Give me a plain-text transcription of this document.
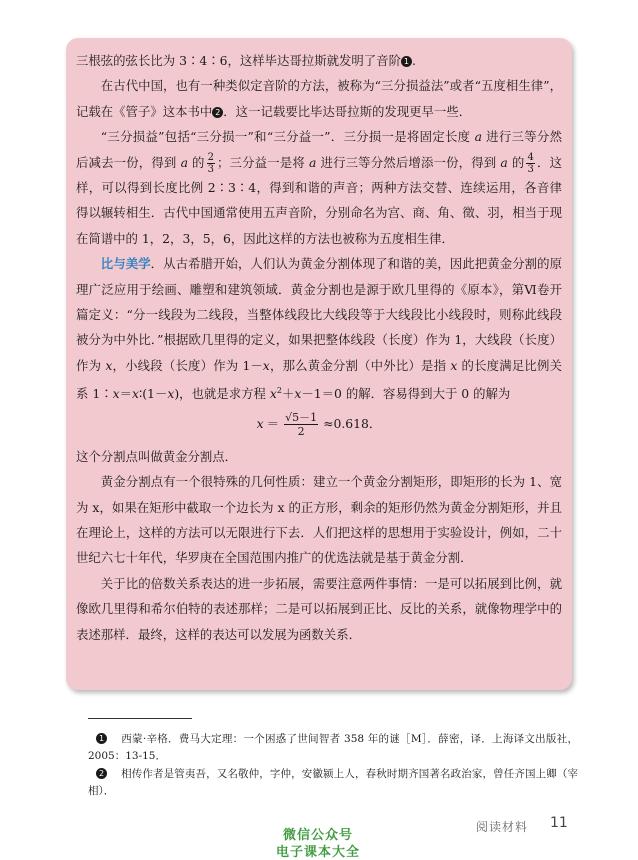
三根弦的弦长比为 3∶4∶6，这样毕达哥拉斯就发明了音阶 1 .

在古代中国，也有一种类似定音阶的方法，被称为“三分损益法”或者“五度相生律”，记载在《管子》这本书中 2 ．这一记载要比毕达哥拉斯的发现更早一些．

“三分损益”包括“三分损一”和“三分益一”．三分损一是将固定长度 a 进行三等分然后减去一份，得到 a 的 $\frac{2}{3}$ ；三分益一是将 a 进行三等分然后增添一份，得到 a 的 $\frac{4}{3}$ ．这样，可以得到长度比例 2∶3∶4，得到和谐的声音；两种方法交替、连续运用，各音律得以辗转相生．古代中国通常使用五声音阶，分别命名为宫、商、角、徵、羽，相当于现在简谱中的 1，2，3，5，6，因此这样的方法也被称为五度相生律．

比与美学．从古希腊开始，人们认为黄金分割体现了和谐的美，因此把黄金分割的原理广泛应用于绘画、雕塑和建筑领域．黄金分割也是源于欧几里得的《原本》，第Ⅵ卷开篇定义：“分一线段为二线段，当整体线段比大线段等于大线段比小线段时，则称此线段被分为中外比．”根据欧几里得的定义，如果把整体线段（长度）作为 1，大线段（长度）作为 x，小线段（长度）作为 1－x，那么黄金分割（中外比）是指 x 的长度满足比例关系 1∶x＝x∶(1－x)，也就是求方程 $x^2+x-1=0$ 的解．容易得到大于 0 的解为

$x = \frac{√5-1}{2} \approx 0.618$．

这个分割点叫做黄金分割点．

黄金分割点有一个很特殊的几何性质：建立一个黄金分割矩形，即矩形的长为 1、宽为 x，如果在矩形中截取一个边长为 x 的正方形，剩余的矩形仍然为黄金分割矩形，并且在理论上，这样的方法可以无限进行下去．人们把这样的思想用于实验设计，例如，二十世纪六七十年代，华罗庚在全国范围内推广的优选法就是基于黄金分割．

关于比的倍数关系表达的进一步拓展，需要注意两件事情：一是可以拓展到比例，就像欧几里得和希尔伯特的表述那样；二是可以拓展到正比、反比的关系，就像物理学中的表述那样．最终，这样的表达可以发展为函数关系．

1 西蒙·辛格．费马大定理：一个困惑了世间智者 358 年的谜［M］．薛密，译．上海译文出版社，2005：13-15．
2 相传作者是管夷吾，又名敬仲，字仲，安徽颍上人，春秋时期齐国著名政治家，曾任齐国上卿（宰相）．
阅读材料 11
微信公众号
电子课本大全
